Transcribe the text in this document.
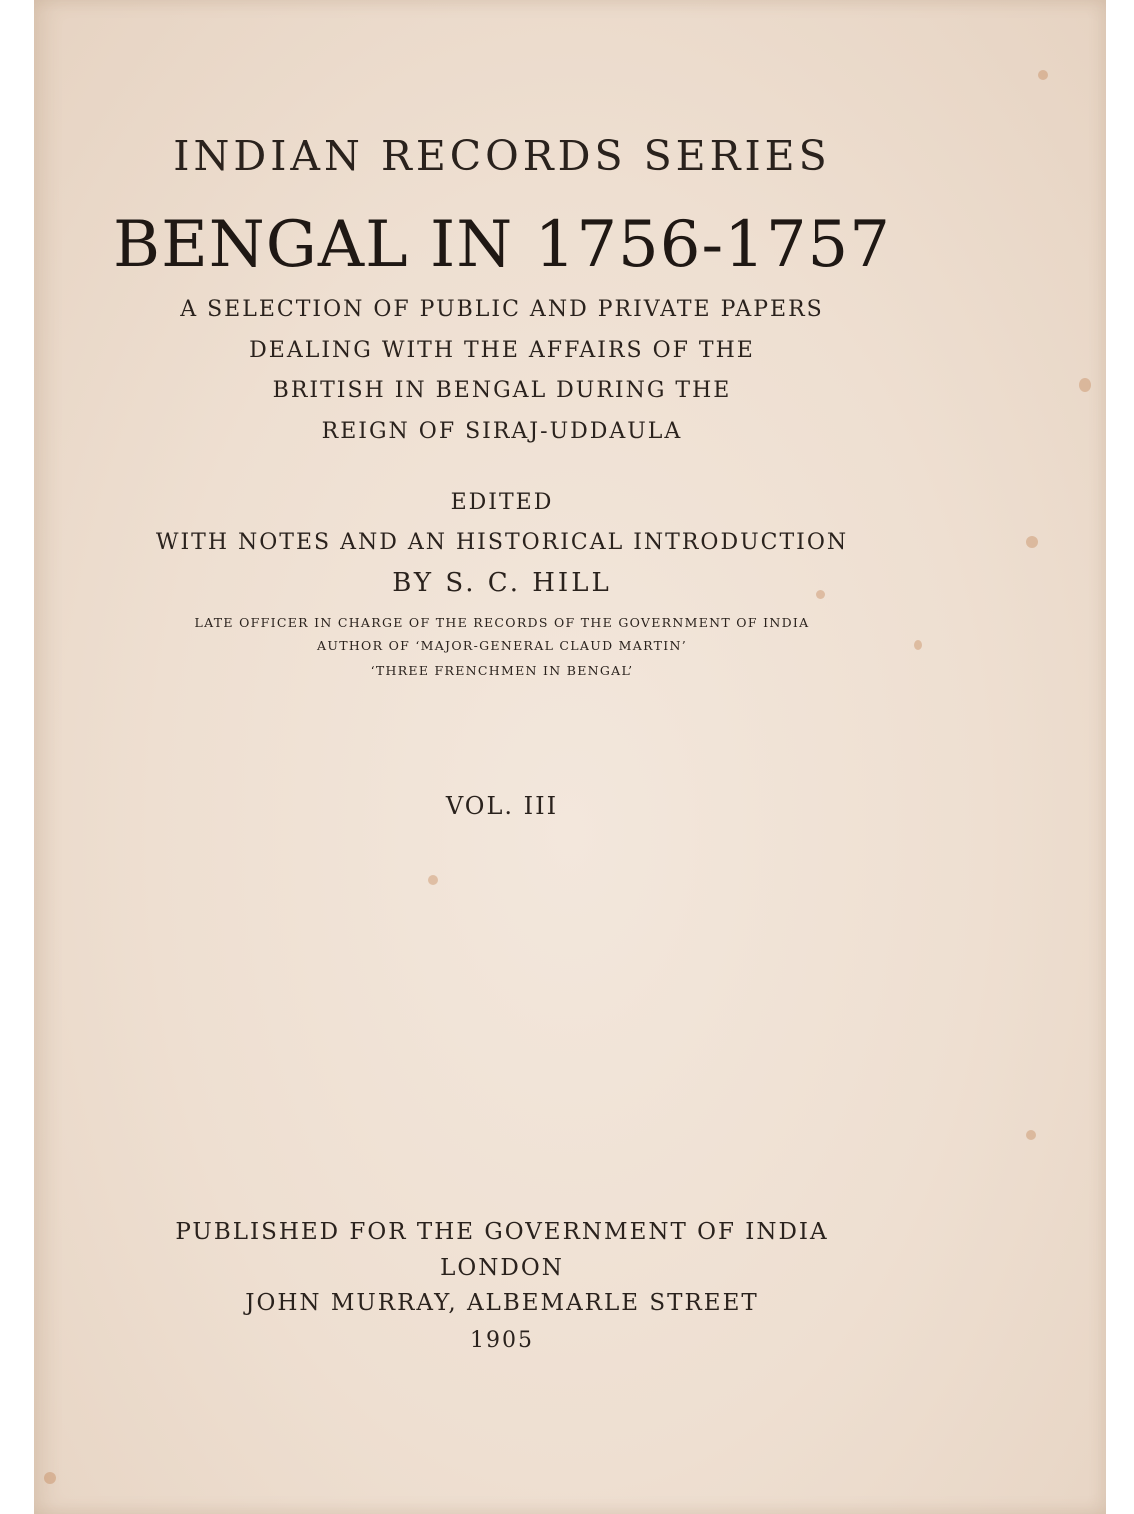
INDIAN RECORDS SERIES
BENGAL IN 1756-1757

A SELECTION OF PUBLIC AND PRIVATE PAPERS

DEALING WITH THE AFFAIRS OF THE

BRITISH IN BENGAL DURING THE

REIGN OF SIRAJ-UDDAULA

EDITED

WITH NOTES AND AN HISTORICAL INTRODUCTION

BY S. C. HILL

LATE OFFICER IN CHARGE OF THE RECORDS OF THE GOVERNMENT OF INDIA

AUTHOR OF ‘MAJOR-GENERAL CLAUD MARTIN’

‘THREE FRENCHMEN IN BENGAL’

VOL. III

PUBLISHED FOR THE GOVERNMENT OF INDIA

LONDON

JOHN MURRAY, ALBEMARLE STREET

1905
